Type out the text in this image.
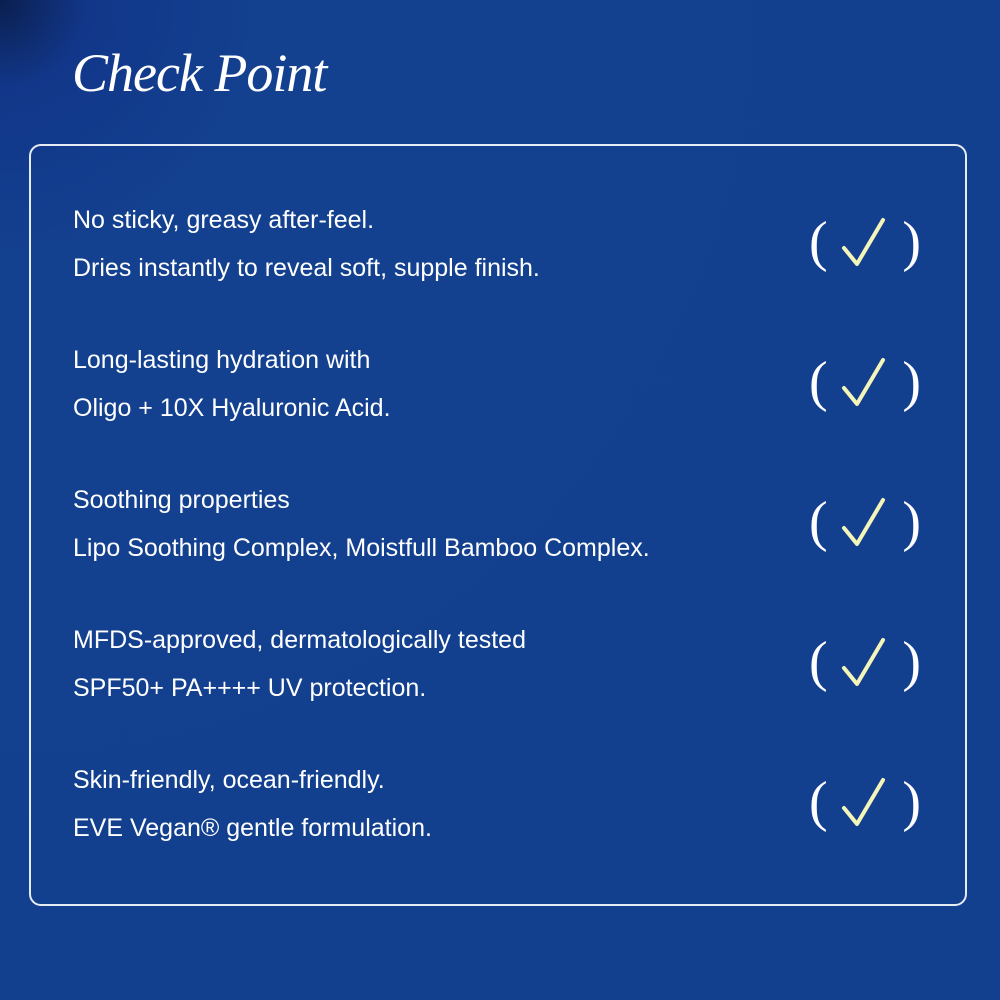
Check Point
No sticky, greasy after-feel.
Dries instantly to reveal soft, supple finish.	( )
Long-lasting hydration with
Oligo + 10X Hyaluronic Acid.	( )
Soothing properties
Lipo Soothing Complex, Moistfull Bamboo Complex.	( )
MFDS-approved, dermatologically tested
SPF50+ PA++++ UV protection.	( )
Skin-friendly, ocean-friendly.
EVE Vegan® gentle formulation.	( )
